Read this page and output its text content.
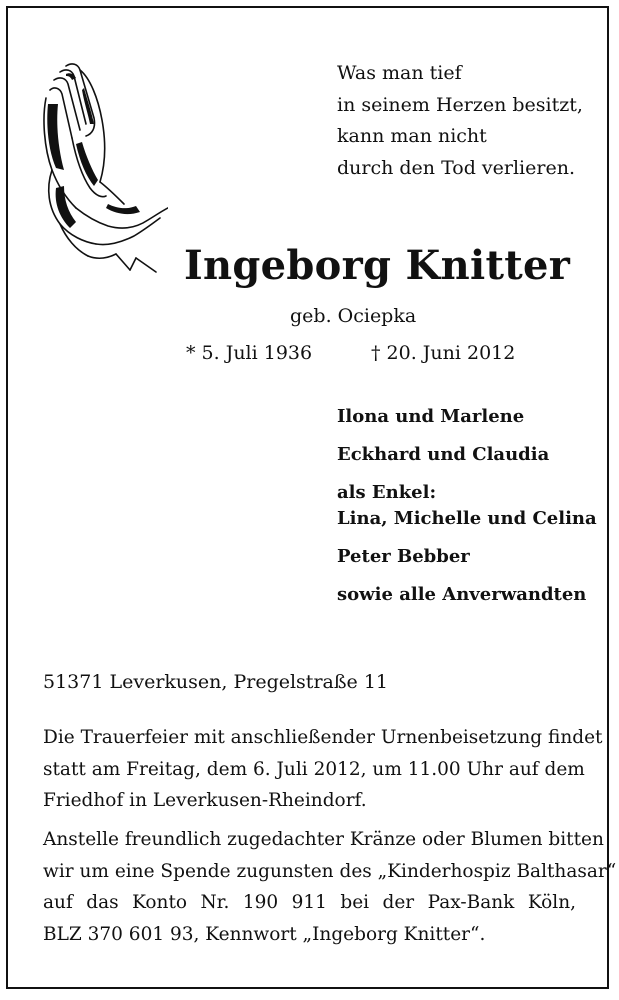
Was man tief
in seinem Herzen besitzt,
kann man nicht
durch den Tod verlieren.
Ingeborg Knitter
geb. Ociepka
* 5. Juli 1936	† 20. Juni 2012
Ilona und Marlene
Eckhard und Claudia
als Enkel:
Lina, Michelle und Celina
Peter Bebber
sowie alle Anverwandten
51371 Leverkusen, Pregelstraße 11
Die Trauerfeier mit anschließender Urnenbeisetzung findet
statt am Freitag, dem 6. Juli 2012, um 11.00 Uhr auf dem
Friedhof in Leverkusen-Rheindorf.
Anstelle freundlich zugedachter Kränze oder Blumen bitten
wir um eine Spende zugunsten des „Kinderhospiz Balthasar“
auf das Konto Nr. 190 911 bei der Pax-Bank Köln,
BLZ 370 601 93, Kennwort „Ingeborg Knitter“.
